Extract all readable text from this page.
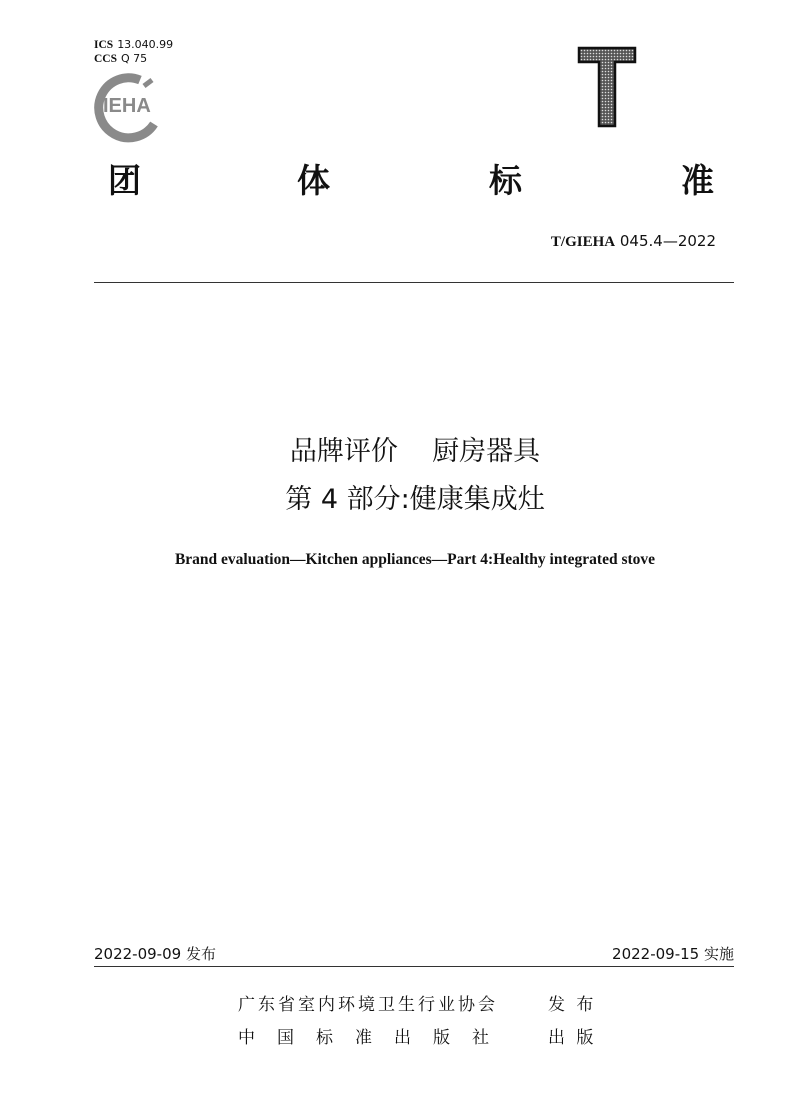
ICS 13.040.99
CCS Q 75
IEHA
团	体	标	准
T/GIEHA 045.4—2022
品牌评价    厨房器具
第 4 部分:健康集成灶
Brand evaluation—Kitchen appliances—Part 4:Healthy integrated stove
2022-09-09 发布	2022-09-15 实施
广东省室内环境卫生行业协会	发 布
中国标准出版社 出 版
